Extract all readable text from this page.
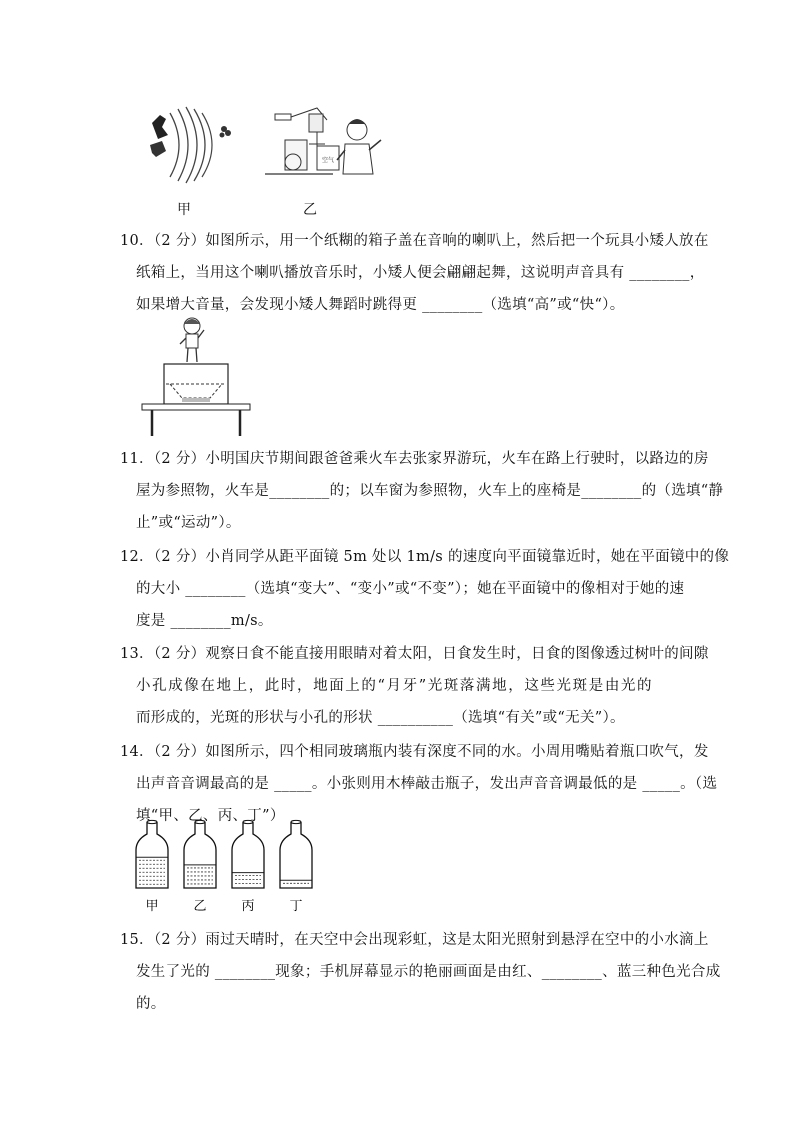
空气
甲	乙
10．（2 分）如图所示，用一个纸糊的箱子盖在音响的喇叭上，然后把一个玩具小矮人放在
纸箱上，当用这个喇叭播放音乐时，小矮人便会翩翩起舞，这说明声音具有 ________，
如果增大音量，会发现小矮人舞蹈时跳得更 ________（选填“高”或“快“）。
11．（2 分）小明国庆节期间跟爸爸乘火车去张家界游玩，火车在路上行驶时，以路边的房
屋为参照物，火车是________的；以车窗为参照物，火车上的座椅是________的（选填“静
止”或“运动”）。
12．（2 分）小肖同学从距平面镜 5m 处以 1m/s 的速度向平面镜靠近时，她在平面镜中的像
的大小 ________（选填“变大”、“变小”或“不变”）；她在平面镜中的像相对于她的速
度是 ________m/s。
13．（2 分）观察日食不能直接用眼睛对着太阳，日食发生时，日食的图像透过树叶的间隙
小孔成像在地上，此时，地面上的“月牙”光斑落满地，这些光斑是由光的
而形成的，光斑的形状与小孔的形状 __________（选填“有关”或“无关”）。
14．（2 分）如图所示，四个相同玻璃瓶内装有深度不同的水。小周用嘴贴着瓶口吹气，发
出声音音调最高的是 _____。小张则用木棒敲击瓶子，发出声音音调最低的是 _____。（选
填“甲、乙、丙、丁”）
甲	乙	丙	丁
15．（2 分）雨过天晴时，在天空中会出现彩虹，这是太阳光照射到悬浮在空中的小水滴上
发生了光的 ________现象；手机屏幕显示的艳丽画面是由红、________、蓝三种色光合成
的。
